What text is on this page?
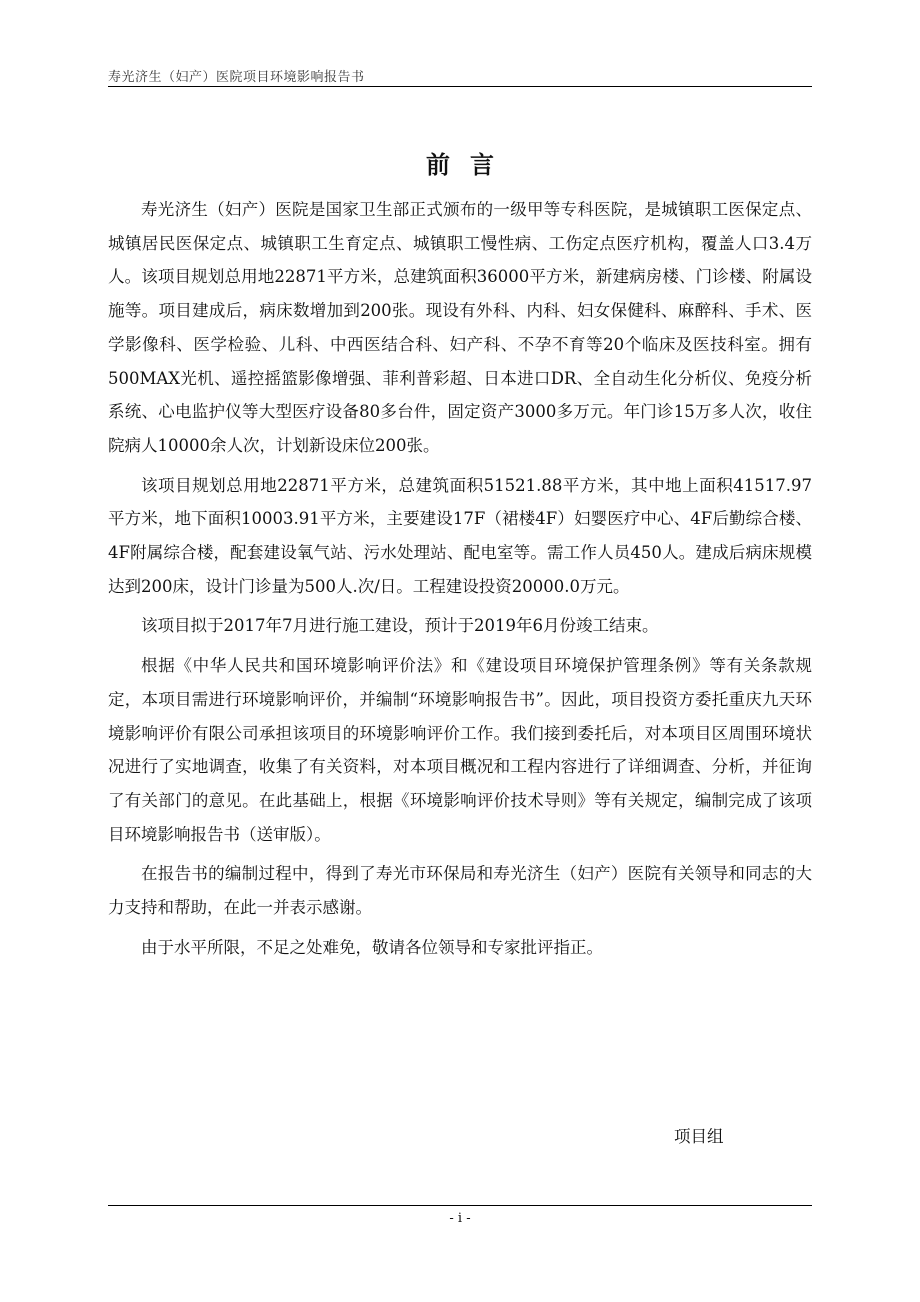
寿光济生（妇产）医院项目环境影响报告书
前言

寿光济生（妇产）医院是国家卫生部正式颁布的一级甲等专科医院，是城镇职工医保定点、城镇居民医保定点、城镇职工生育定点、城镇职工慢性病、工伤定点医疗机构，覆盖人口3.4万人。该项目规划总用地22871平方米，总建筑面积36000平方米，新建病房楼、门诊楼、附属设施等。项目建成后，病床数增加到200张。现设有外科、内科、妇女保健科、麻醉科、手术、医学影像科、医学检验、儿科、中西医结合科、妇产科、不孕不育等20个临床及医技科室。拥有500MAX光机、遥控摇篮影像增强、菲利普彩超、日本进口DR、全自动生化分析仪、免疫分析系统、心电监护仪等大型医疗设备80多台件，固定资产3000多万元。年门诊15万多人次，收住院病人10000余人次，计划新设床位200张。

该项目规划总用地22871平方米，总建筑面积51521.88平方米，其中地上面积41517.97平方米，地下面积10003.91平方米，主要建设17F（裙楼4F）妇婴医疗中心、4F后勤综合楼、4F附属综合楼，配套建设氧气站、污水处理站、配电室等。需工作人员450人。建成后病床规模达到200床，设计门诊量为500人.次/日。工程建设投资20000.0万元。

该项目拟于2017年7月进行施工建设，预计于2019年6月份竣工结束。

根据《中华人民共和国环境影响评价法》和《建设项目环境保护管理条例》等有关条款规定，本项目需进行环境影响评价，并编制“环境影响报告书”。因此，项目投资方委托重庆九天环境影响评价有限公司承担该项目的环境影响评价工作。我们接到委托后，对本项目区周围环境状况进行了实地调查，收集了有关资料，对本项目概况和工程内容进行了详细调查、分析，并征询了有关部门的意见。在此基础上，根据《环境影响评价技术导则》等有关规定，编制完成了该项目环境影响报告书（送审版）。

在报告书的编制过程中，得到了寿光市环保局和寿光济生（妇产）医院有关领导和同志的大力支持和帮助，在此一并表示感谢。

由于水平所限，不足之处难免，敬请各位领导和专家批评指正。

项目组
- i -
